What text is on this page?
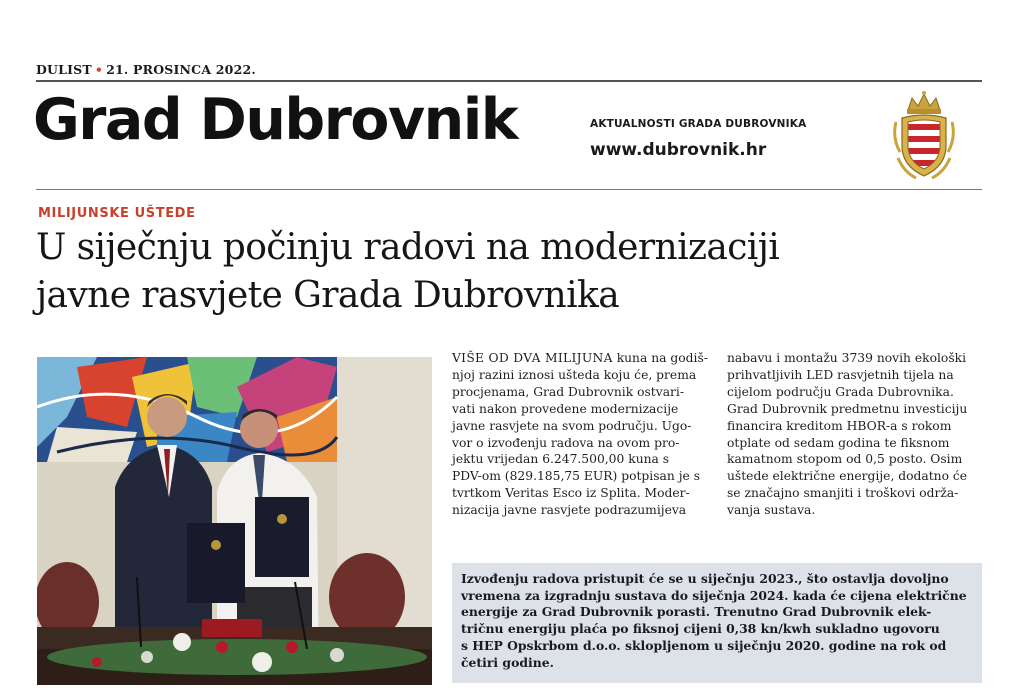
DULIST • 21. PROSINCA 2022.
Grad Dubrovnik	AKTUALNOSTI GRADA DUBROVNIKA
www.dubrovnik.hr
MILIJUNSKE UŠTEDE
U siječnju počinju radovi na modernizaciji
javne rasvjete Grada Dubrovnika

VIŠE OD DVA MILIJUNA kuna na godiš-
njoj razini iznosi ušteda koju će, prema
procjenama, Grad Dubrovnik ostvari-
vati nakon provedene modernizacije
javne rasvjete na svom području. Ugo-
vor o izvođenju radova na ovom pro-
jektu vrijedan 6.247.500,00 kuna s
PDV-om (829.185,75 EUR) potpisan je s
tvrtkom Veritas Esco iz Splita. Moder-
nizacija javne rasvjete podrazumijeva

nabavu i montažu 3739 novih ekološki
prihvatljivih LED rasvjetnih tijela na
cijelom području Grada Dubrovnika.
Grad Dubrovnik predmetnu investiciju
financira kreditom HBOR-a s rokom
otplate od sedam godina te fiksnom
kamatnom stopom od 0,5 posto. Osim
uštede električne energije, dodatno će
se značajno smanjiti i troškovi održa-
vanja sustava.

Izvođenju radova pristupit će se u siječnju 2023., što ostavlja dovoljno
vremena za izgradnju sustava do siječnja 2024. kada će cijena električne
energije za Grad Dubrovnik porasti. Trenutno Grad Dubrovnik elek-
tričnu energiju plaća po fiksnoj cijeni 0,38 kn/kwh sukladno ugovoru
s HEP Opskrbom d.o.o. sklopljenom u siječnju 2020. godine na rok od
četiri godine.
